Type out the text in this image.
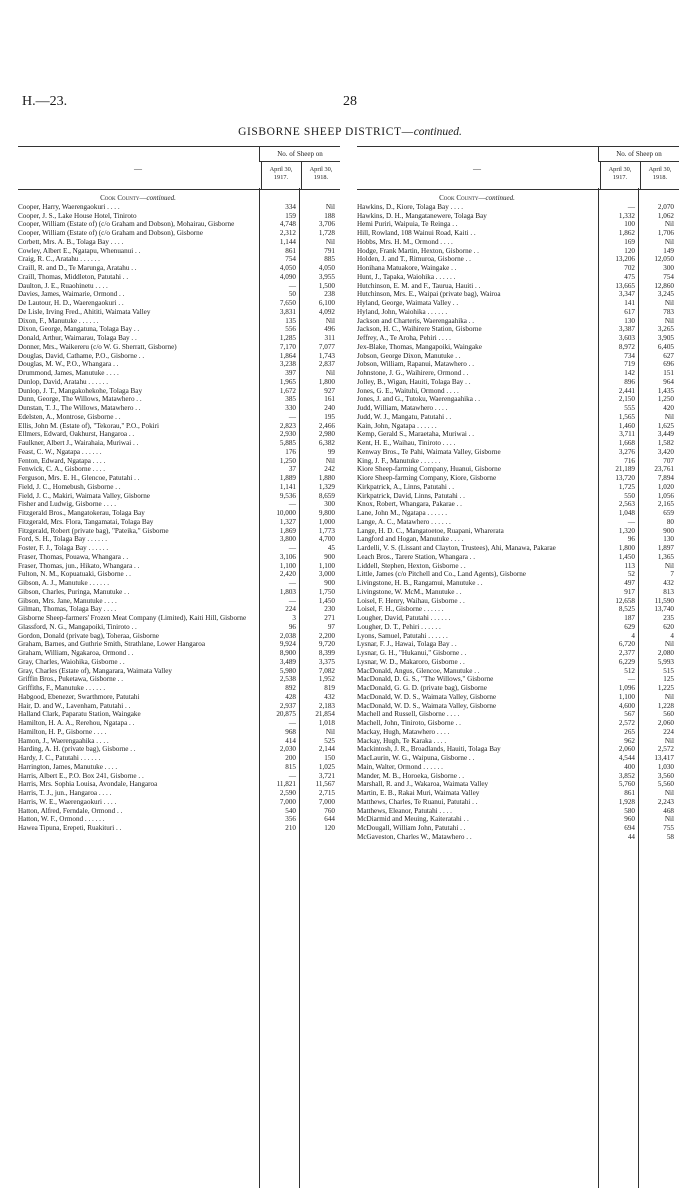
H.—23.	28
GISBORNE SHEEP DISTRICT—continued.
—
No. of Sheep on
April 30, 1917.
April 30, 1918.
Cook County—continued.
Cooper, Harry, Waerengaokuri . . . .	334	Nil
Cooper, J. S., Lake House Hotel, Tiniroto	159	188
Cooper, William (Estate of) (c/o Graham and Dobson), Mohairau, Gisborne	4,748	3,706
Cooper, William (Estate of) (c/o Graham and Dobson), Gisborne	2,312	1,728
Corbett, Mrs. A. B., Tolaga Bay . . . .	1,144	Nil
Cowley, Albert E., Ngatapu, Whenuanui . .	861	791
Craig, R. C., Aratahu . . . . . .	754	885
Craill, R. and D., Te Marunga, Aratahu . .	4,050	4,050
Craill, Thomas, Middleton, Patutahi . .	4,090	3,955
Daulton, J. E., Ruaohinetu . . . .	—	1,500
Davies, James, Waimarie, Ormond . .	50	238
De Lautour, H. D., Waerengaokuri . .	7,650	6,100
De Lisle, Irving Fred., Ahititi, Waimata Valley	3,831	4,092
Dixon, F., Manutuke . . . . . .	135	Nil
Dixon, George, Mangatuna, Tolaga Bay . .	556	496
Donald, Arthur, Waimarau, Tolaga Bay . .	1,285	311
Donner, Mrs., Waikereru (c/o W. G. Sherratt, Gisborne)	7,170	7,077
Douglas, David, Cathame, P.O., Gisborne . .	1,864	1,743
Douglas, M. W., P.O., Whangara . .	3,238	2,837
Drummond, James, Manutuke . . . .	397	Nil
Dunlop, David, Aratahu . . . . . .	1,965	1,800
Dunlop, J. T., Mangakohekohe, Tolaga Bay	1,672	927
Dunn, George, The Willows, Matawhero . .	385	161
Dunstan, T. J., The Willows, Matawhero . .	330	240
Edelsten, A., Montrose, Gisborne . .	—	195
Ellis, John M. (Estate of), "Tekorau," P.O., Pokiri	2,823	2,466
Ellmers, Edward, Oakhurst, Hangaroa . .	2,930	2,980
Faulkner, Albert J., Wairahaia, Muriwai . .	5,885	6,382
Feast, C. W., Ngatapa . . . . . .	176	99
Fenton, Edward, Ngatapa . . . .	1,250	Nil
Fenwick, C. A., Gisborne . . . .	37	242
Ferguson, Mrs. E. H., Glencoe, Patutahi . .	1,889	1,880
Field, J. C., Homebush, Gisborne . .	1,141	1,329
Field, J. C., Makiri, Waimata Valley, Gisborne	9,536	8,659
Fisher and Ludwig, Gisborne . . . .	—	300
Fitzgerald Bros., Mangatokerau, Tolaga Bay	10,000	9,800
Fitzgerald, Mrs. Flora, Tangamatai, Tolaga Bay	1,327	1,000
Fitzgerald, Robert (private bag), "Pateika," Gisborne	1,869	1,773
Ford, S. H., Tolaga Bay . . . . . .	3,800	4,700
Foster, F. J., Tolaga Bay . . . . . .	—	45
Fraser, Thomas, Pouawa, Whangara . .	3,106	900
Fraser, Thomas, jun., Hikato, Whangara . .	1,100	1,100
Fulton, N. M., Kopuatuaki, Gisborne . .	2,420	3,000
Gibson, A. J., Manutuke . . . . . .	—	900
Gibson, Charles, Puringa, Manutuke . .	1,803	1,750
Gibson, Mrs. Jane, Manutuke . . . .	—	1,450
Gilman, Thomas, Tolaga Bay . . . .	224	230
Gisborne Sheep-farmers' Frozen Meat Company (Limited), Kaiti Hill, Gisborne	3	271
Glassford, N. G., Mangapoiki, Tiniroto . .	96	97
Gordon, Donald (private bag), Toheraa, Gisborne	2,038	2,200
Graham, Barnes, and Guthrie Smith, Strathlane, Lower Hangaroa	9,924	9,720
Graham, William, Ngakaroa, Ormond . .	8,900	8,399
Gray, Charles, Waiohika, Gisborne . .	3,489	3,375
Gray, Charles (Estate of), Mangarara, Waimata Valley	5,980	7,082
Griffin Bros., Puketawa, Gisborne . .	2,538	1,952
Griffiths, F., Manutuke . . . . . .	892	819
Habgood, Ebenezer, Swarthmore, Patutahi	428	432
Hair, D. and W., Lavenham, Patutahi . .	2,937	2,183
Halland Clark, Paparatu Station, Waingake	20,875	21,854
Hamilton, H. A. A., Rerehou, Ngatapa . .	—	1,018
Hamilton, H. P., Gisborne . . . .	968	Nil
Hamon, J., Waerengaahika . . . .	414	525
Harding, A. H. (private bag), Gisborne . .	2,030	2,144
Hardy, J. C., Patutahi . . . . . .	200	150
Harrington, James, Manutuke . . . .	815	1,025
Harris, Albert E., P.O. Box 241, Gisborne . .	—	3,721
Harris, Mrs. Sophia Louisa, Avondale, Hangaroa	11,821	11,567
Harris, T. J., jun., Hangaroa . . . .	2,590	2,715
Harris, W. E., Waerengaokuri . . . .	7,000	7,000
Hatton, Alfred, Ferndale, Ormond . .	540	760
Hatton, W. F., Ormond . . . . . .	356	644
Hawea Tipuna, Erepeti, Ruakituri . .	210	120
—
No. of Sheep on
April 30, 1917.
April 30, 1918.
Cook County—continued.
Hawkins, D., Kiore, Tolaga Bay . . . .	—	2,070
Hawkins, D. H., Mangatanewere, Tolaga Bay	1,332	1,062
Hemi Puriri, Waipuia, Te Reinga . .	100	Nil
Hill, Rowland, 108 Wainui Road, Kaiti . .	1,862	1,706
Hobbs, Mrs. H. M., Ormond . . . .	169	Nil
Hodge, Frank Martin, Hexton, Gisborne . .	120	149
Holden, J. and T., Rimuroa, Gisborne . .	13,206	12,050
Honihana Matuakore, Waingake . .	702	300
Hunt, J., Tapaka, Waiohika . . . . . .	475	754
Hutchinson, E. M. and F., Taurua, Hauiti . .	13,665	12,860
Hutchinson, Mrs. E., Waipai (private bag), Wairoa	3,347	3,245
Hyland, George, Waimata Valley . .	141	Nil
Hyland, John, Waiohika . . . . . .	617	783
Jackson and Charteris, Waerengaahika . .	130	Nil
Jackson, H. C., Waihirere Station, Gisborne	3,387	3,265
Jeffrey, A., Te Aroha, Pehiri . . . .	3,603	3,905
Jex-Blake, Thomas, Mangapoiki, Waingake	8,972	6,405
Jobson, George Dixon, Manutuke . .	734	627
Jobson, William, Rapanui, Matawhero . .	719	696
Johnstone, J. G., Waihirere, Ormond . .	142	151
Jolley, B., Wigan, Hauiti, Tolaga Bay . .	896	964
Jones, G. E., Waituhi, Ormond . . . .	2,441	1,435
Jones, J. and G., Tutoku, Waerengaahika . .	2,150	1,250
Judd, William, Matawhero . . . .	555	420
Judd, W. J., Mangatu, Patutahi . .	1,565	Nil
Kain, John, Ngatapa . . . . . .	1,460	1,625
Kemp, Gerald S., Maraetaha, Muriwai . .	3,711	3,449
Kent, H. E., Waihau, Tiniroto . . . .	1,668	1,582
Kenway Bros., Te Pahi, Waimata Valley, Gisborne	3,276	3,420
King, J. F., Manutuke . . . . . .	716	707
Kiore Sheep-farming Company, Huanui, Gisborne	21,189	23,761
Kiore Sheep-farming Company, Kiore, Gisborne	13,720	7,894
Kirkpatrick, A., Linns, Patutahi . .	1,725	1,020
Kirkpatrick, David, Linns, Patutahi . .	550	1,056
Knox, Robert, Whangara, Pakarae . .	2,563	2,165
Lane, John M., Ngatapa . . . . . .	1,048	659
Lange, A. C., Matawhero . . . . . .	—	80
Lange, H. D. C., Mangatoetoe, Ruapani, Wharerata	1,320	900
Langford and Hogan, Manutuke . . . .	96	130
Lardelli, V. S. (Lissant and Clayton, Trustees), Ahi, Manawa, Pakarae	1,800	1,897
Leach Bros., Tarere Station, Whangara . .	1,450	1,365
Liddell, Stephen, Hexton, Gisborne . .	113	Nil
Little, James (c/o Pitchell and Co., Land Agents), Gisborne	52	7
Livingstone, H. B., Rangamui, Manutuke . .	497	432
Livingstone, W. McM., Manutuke . .	917	813
Loisel, F. Henry, Waihau, Gisborne . .	12,658	11,590
Loisel, F. H., Gisborne . . . . . .	8,525	13,740
Lougher, David, Patutahi . . . . . .	187	235
Lougher, D. T., Pehiri . . . . . .	629	620
Lyons, Samuel, Patutahi . . . . . .	4	4
Lysnar, F. J., Hawai, Tolaga Bay . .	6,720	Nil
Lysnar, G. H., "Hukanui," Gisborne . .	2,377	2,080
Lysnar, W. D., Makaroro, Gisborne . .	6,229	5,993
MacDonald, Angus, Glencoe, Manutuke . .	512	515
MacDonald, D. G. S., "The Willows," Gisborne	—	125
MacDonald, G. G. D. (private bag), Gisborne	1,096	1,225
MacDonald, W. D. S., Waimata Valley, Gisborne	1,100	Nil
MacDonald, W. D. S., Waimata Valley, Gisborne	4,600	1,228
Machell and Russell, Gisborne . . . .	567	560
Machell, John, Tiniroto, Gisborne . .	2,572	2,060
Mackay, Hugh, Matawhero . . . .	265	224
Mackay, Hugh, Te Karaka . . . .	962	Nil
Mackintosh, J. R., Broadlands, Hauiti, Tolaga Bay	2,060	2,572
MacLaurin, W. G., Waipuna, Gisborne . .	4,544	13,417
Main, Walter, Ormond . . . . . .	400	1,030
Mander, M. B., Horoeka, Gisborne . .	3,852	3,560
Marshall, R. and J., Wakaroa, Waimata Valley	5,760	5,560
Martin, E. B., Rakai Muri, Waimata Valley	861	Nil
Matthews, Charles, Te Ruanui, Patutahi . .	1,928	2,243
Matthews, Eleanor, Patutahi . . . .	580	468
McDiarmid and Meuing, Kaiteratahi . .	960	Nil
McDougall, William John, Patutahi . .	694	755
McGaveston, Charles W., Matawhero . .	44	58
